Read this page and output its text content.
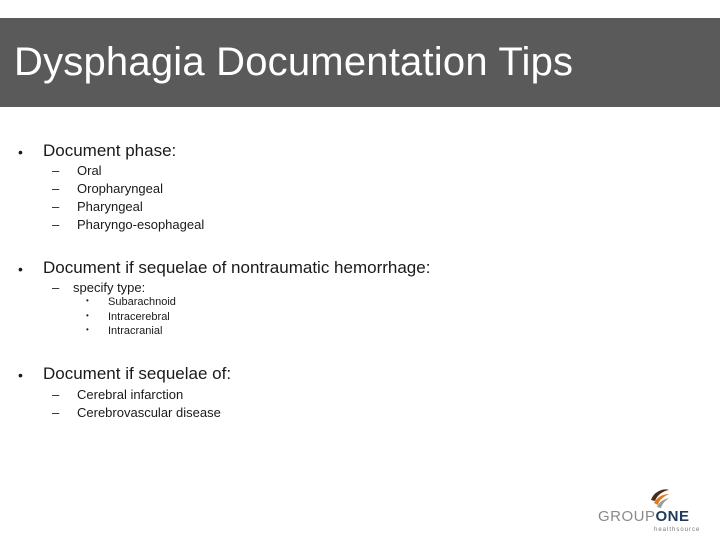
Dysphagia Documentation Tips
• Document phase:
– Oral
– Oropharyngeal
– Pharyngeal
– Pharyngo-esophageal
• Document if sequelae of nontraumatic hemorrhage:
– specify type:
• Subarachnoid
• Intracerebral
• Intracranial
• Document if sequelae of:
– Cerebral infarction
– Cerebrovascular disease
GROUPONE
healthsource
